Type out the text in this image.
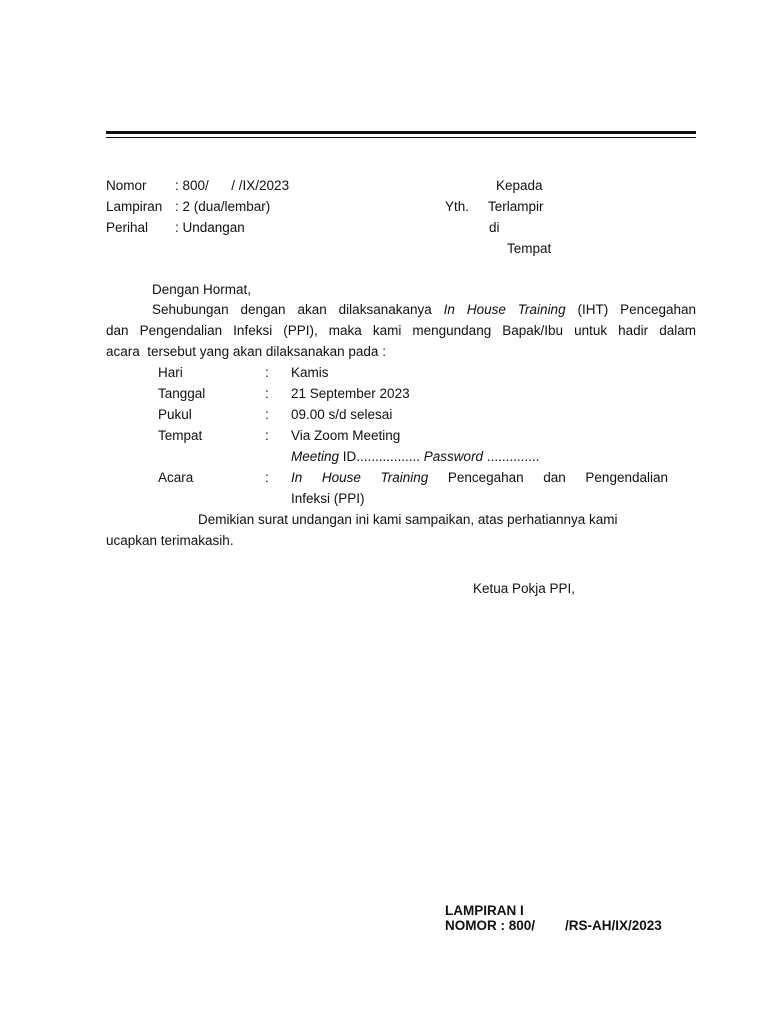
Nomor : 800/      / /IX/2023
Lampiran : 2 (dua/lembar)
Perihal : Undangan
Kepada
Yth. Terlampir
di
Tempat
Dengan Hormat,
Sehubungan dengan akan dilaksanakanya In House Training (IHT) Pencegahan
dan Pengendalian Infeksi (PPI), maka kami mengundang Bapak/Ibu untuk hadir dalam
acara  tersebut yang akan dilaksanakan pada :
Hari	: Kamis
Tanggal	: 21 September 2023
Pukul	: 09.00 s/d selesai
Tempat	: Via Zoom Meeting
Meeting ID................. Password ..............
Acara	: In House Training Pencegahan dan Pengendalian
Infeksi (PPI)
Demikian surat undangan ini kami sampaikan, atas perhatiannya kami
ucapkan terimakasih.
Ketua Pokja PPI,
LAMPIRAN I
NOMOR : 800/        /RS-AH/IX/2023
